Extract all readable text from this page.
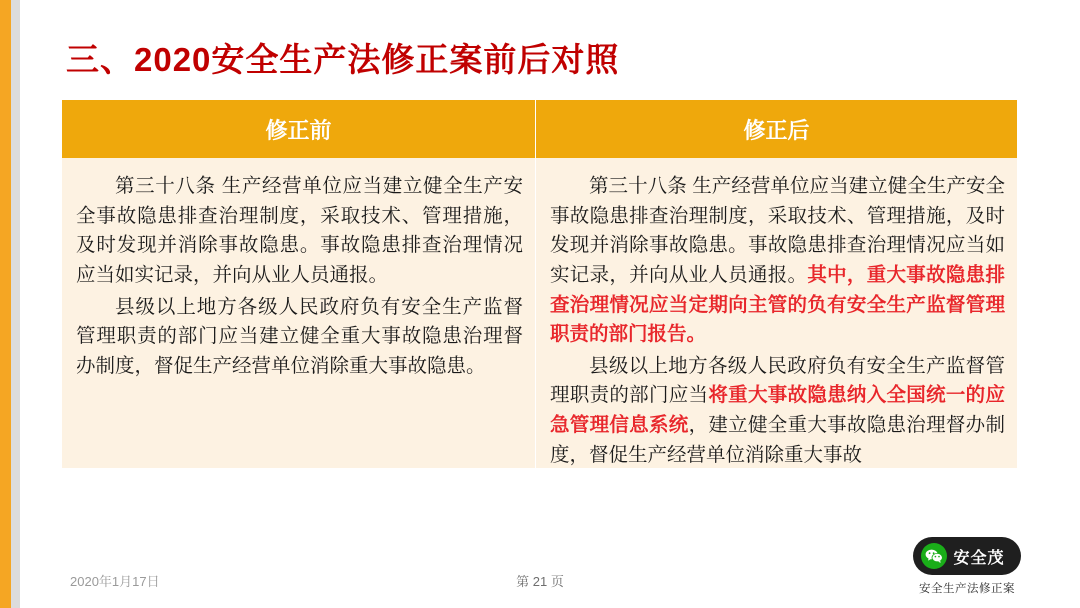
三、2020安全生产法修正案前后对照
修正前	修正后

第三十八条 生产经营单位应当建立健全生产安全事故隐患排查治理制度，采取技术、管理措施，及时发现并消除事故隐患。事故隐患排查治理情况应当如实记录，并向从业人员通报。

县级以上地方各级人民政府负有安全生产监督管理职责的部门应当建立健全重大事故隐患治理督办制度，督促生产经营单位消除重大事故隐患。

第三十八条 生产经营单位应当建立健全生产安全事故隐患排查治理制度，采取技术、管理措施，及时发现并消除事故隐患。事故隐患排查治理情况应当如实记录，并向从业人员通报。其中，重大事故隐患排查治理情况应当定期向主管的负有安全生产监督管理职责的部门报告。

县级以上地方各级人民政府负有安全生产监督管理职责的部门应当将重大事故隐患纳入全国统一的应急管理信息系统，建立健全重大事故隐患治理督办制度，督促生产经营单位消除重大事故

2020年1月17日	第 21 页
安全茂
安全生产法修正案
